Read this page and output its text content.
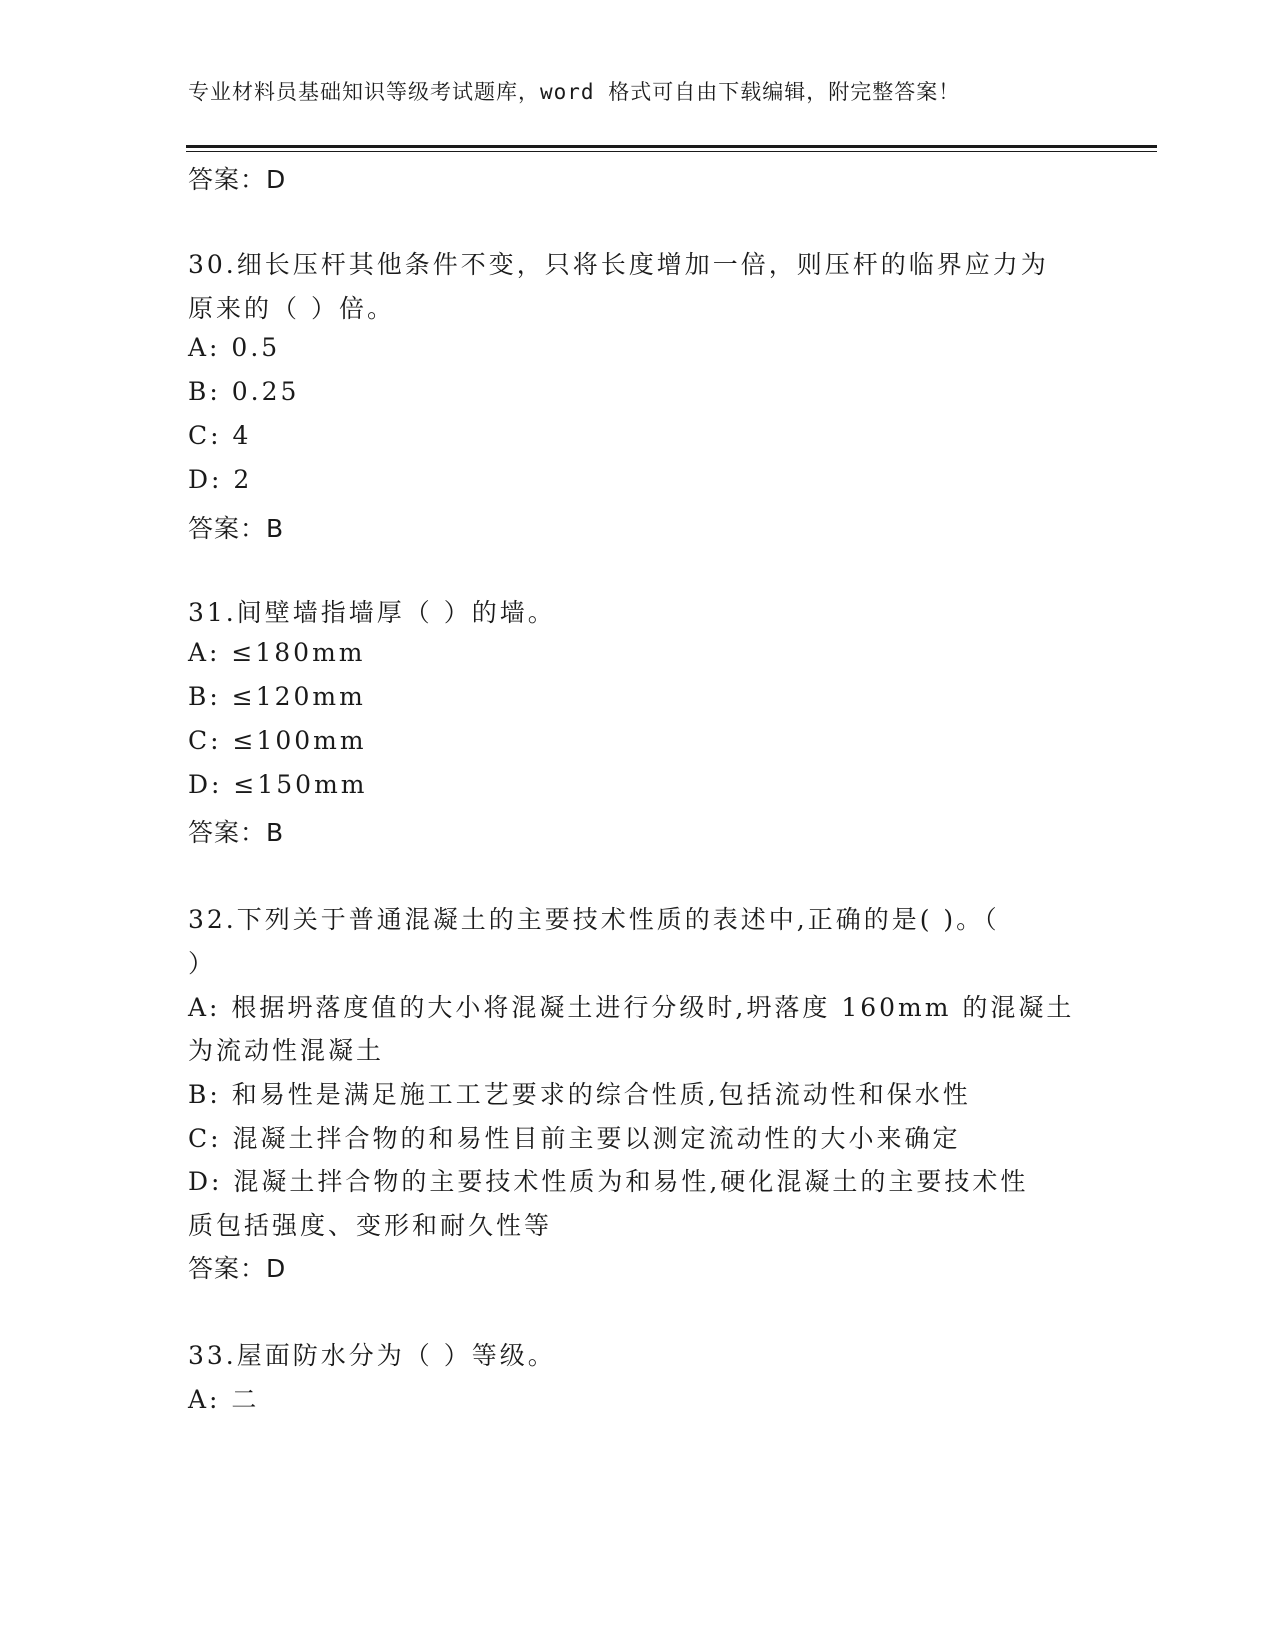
专业材料员基础知识等级考试题库，word 格式可自由下载编辑，附完整答案！
答案：D
30.细长压杆其他条件不变，只将长度增加一倍，则压杆的临界应力为
原来的（ ）倍。
A: 0.5
B: 0.25
C: 4
D: 2
答案：B
31.间壁墙指墙厚（ ）的墙。
A: ≤180mm
B: ≤120mm
C: ≤100mm
D: ≤150mm
答案：B
32.下列关于普通混凝土的主要技术性质的表述中,正确的是( )。（
）
A: 根据坍落度值的大小将混凝土进行分级时,坍落度 160mm 的混凝土
为流动性混凝土
B: 和易性是满足施工工艺要求的综合性质,包括流动性和保水性
C: 混凝土拌合物的和易性目前主要以测定流动性的大小来确定
D: 混凝土拌合物的主要技术性质为和易性,硬化混凝土的主要技术性
质包括强度、变形和耐久性等
答案：D
33.屋面防水分为（ ）等级。
A: 二
